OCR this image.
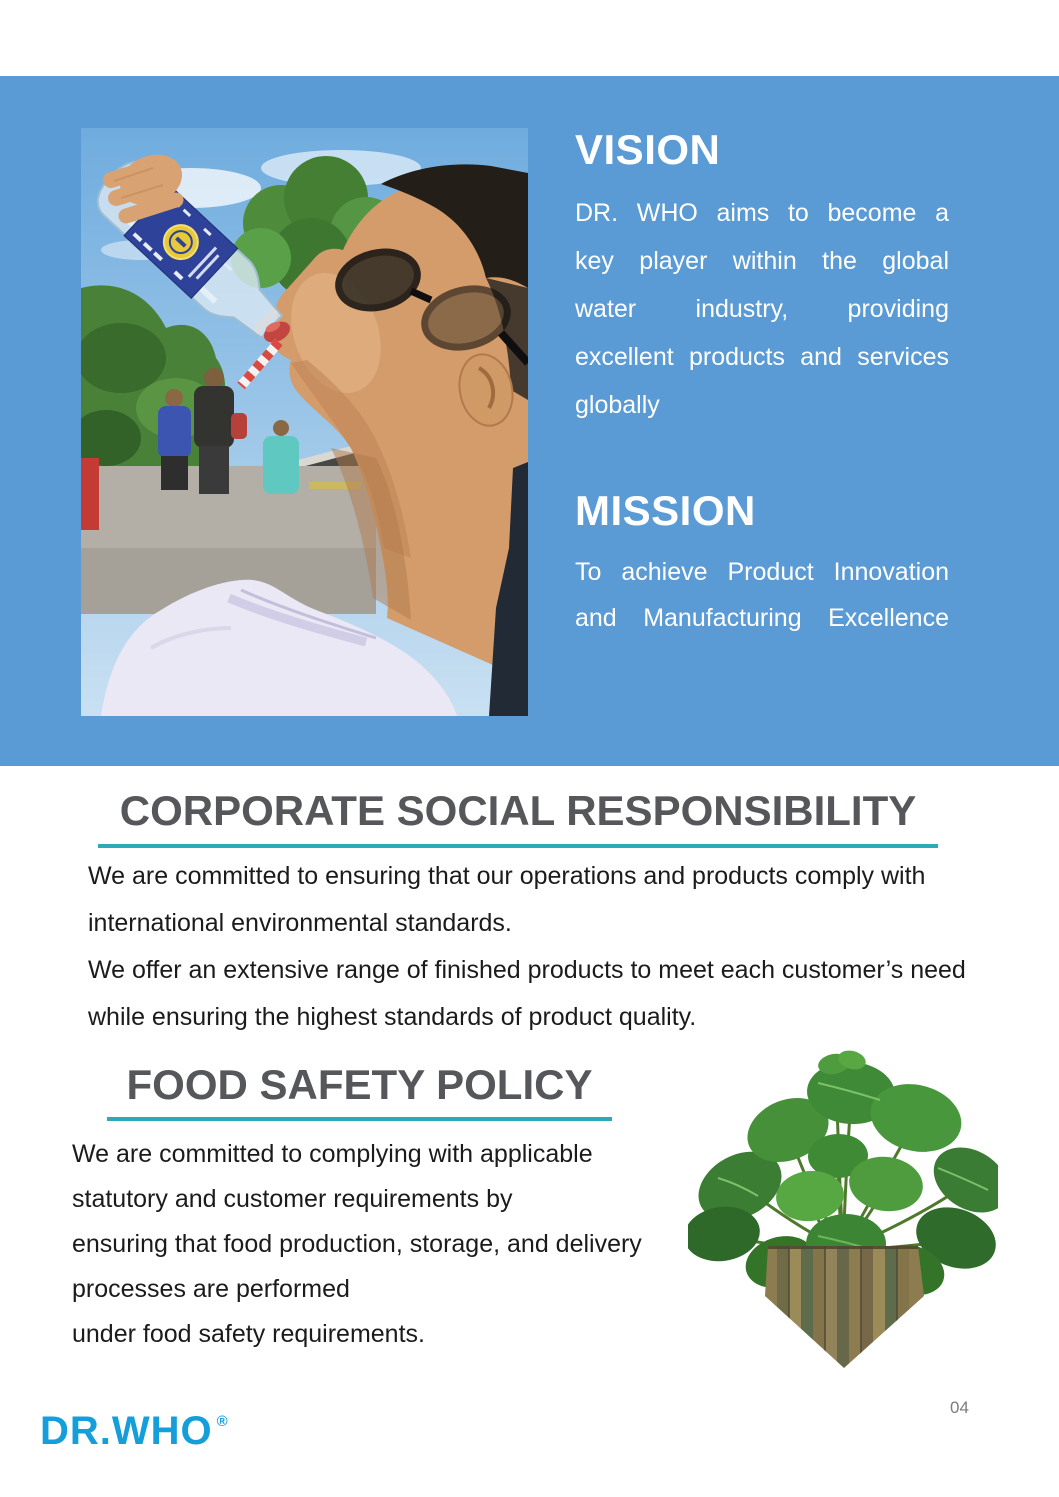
VISION
DR. WHO aims to become a
key player within the global
water industry, providing
excellent products and services
globally
MISSION
To achieve Product Innovation
and Manufacturing Excellence
CORPORATE SOCIAL RESPONSIBILITY
We are committed to ensuring that our operations and products comply with
international environmental standards.
We offer an extensive range of finished products to meet each customer’s need
while ensuring the highest standards of product quality.
FOOD SAFETY POLICY
We are committed to complying with applicable
statutory and customer requirements by
ensuring that food production, storage, and delivery
processes are performed
under food safety requirements.
04
DR.WHO ®
